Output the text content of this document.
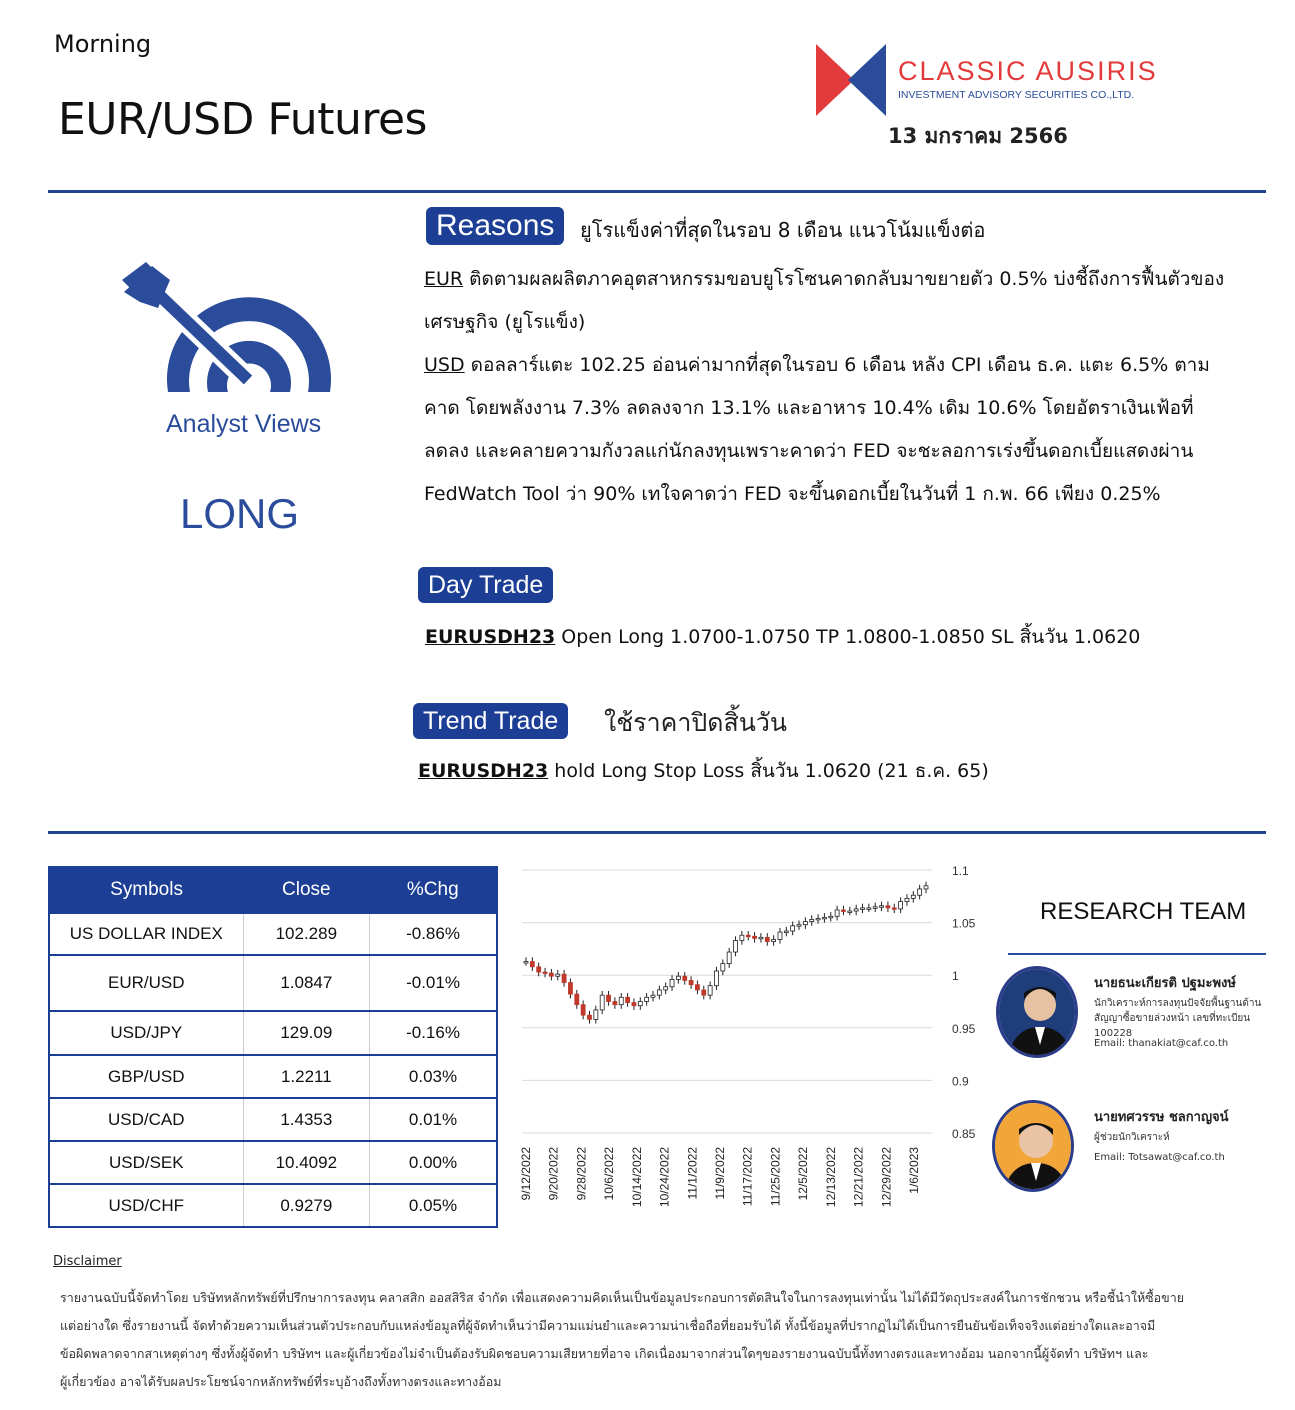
Morning
EUR/USD Futures
CLASSIC AUSIRIS
INVESTMENT ADVISORY SECURITIES CO.,LTD.
13 มกราคม 2566
Analyst Views
LONG
Reasons	ยูโรแข็งค่าที่สุดในรอบ 8 เดือน แนวโน้มแข็งต่อ
EUR ติดตามผลผลิตภาคอุตสาหกรรมขอบยูโรโซนคาดกลับมาขยายตัว 0.5% บ่งชี้ถึงการฟื้นตัวของ
เศรษฐกิจ (ยูโรแข็ง)
USD ดอลลาร์แตะ 102.25 อ่อนค่ามากที่สุดในรอบ 6 เดือน หลัง CPI เดือน ธ.ค. แตะ 6.5% ตาม
คาด โดยพลังงาน 7.3% ลดลงจาก 13.1% และอาหาร 10.4% เดิม 10.6% โดยอัตราเงินเฟ้อที่
ลดลง และคลายความกังวลแก่นักลงทุนเพราะคาดว่า FED จะชะลอการเร่งขึ้นดอกเบี้ยแสดงผ่าน
FedWatch Tool ว่า 90% เทใจคาดว่า FED จะขึ้นดอกเบี้ยในวันที่ 1 ก.พ. 66 เพียง 0.25%
Day Trade
EURUSDH23 Open Long 1.0700-1.0750 TP 1.0800-1.0850 SL สิ้นวัน 1.0620
Trend Trade	ใช้ราคาปิดสิ้นวัน
EURUSDH23 hold Long Stop Loss สิ้นวัน 1.0620 (21 ธ.ค. 65)
Symbols	Close	%Chg
US DOLLAR INDEX	102.289	-0.86%
EUR/USD	1.0847	-0.01%
USD/JPY	129.09	-0.16%
GBP/USD	1.2211	0.03%
USD/CAD	1.4353	0.01%
USD/SEK	10.4092	0.00%
USD/CHF	0.9279	0.05%
1.1
1.05
1
0.95
0.9
0.85
9/12/2022 9/20/2022 9/28/2022 10/6/2022 10/14/2022 10/24/2022 11/1/2022 11/9/2022 11/17/2022 11/25/2022 12/5/2022 12/13/2022 12/21/2022 12/29/2022 1/6/2023
RESEARCH TEAM
นายธนะเกียรติ ปฐมะพงษ์
นักวิเคราะห์การลงทุนปัจจัยพื้นฐานด้านสัญญาซื้อขายล่วงหน้า เลขที่ทะเบียน 100228
Email: thanakiat@caf.co.th
นายทศวรรษ ชลกาญจน์
ผู้ช่วยนักวิเคราะห์
Email: Totsawat@caf.co.th
Disclaimer
รายงานฉบับนี้จัดทำโดย บริษัทหลักทรัพย์ที่ปรึกษาการลงทุน คลาสสิก ออสสิริส จำกัด เพื่อแสดงความคิดเห็นเป็นข้อมูลประกอบการตัดสินใจในการลงทุนเท่านั้น ไม่ได้มีวัตถุประสงค์ในการชักชวน หรือชี้นำให้ซื้อขาย
แต่อย่างใด ซึ่งรายงานนี้ จัดทำด้วยความเห็นส่วนตัวประกอบกับแหล่งข้อมูลที่ผู้จัดทำเห็นว่ามีความแม่นยำและความน่าเชื่อถือที่ยอมรับได้ ทั้งนี้ข้อมูลที่ปรากฏไม่ได้เป็นการยืนยันข้อเท็จจริงแต่อย่างใดและอาจมี
ข้อผิดพลาดจากสาเหตุต่างๆ ซึ่งทั้งผู้จัดทำ บริษัทฯ และผู้เกี่ยวข้องไม่จำเป็นต้องรับผิดชอบความเสียหายที่อาจ เกิดเนื่องมาจากส่วนใดๆของรายงานฉบับนี้ทั้งทางตรงและทางอ้อม นอกจากนี้ผู้จัดทำ บริษัทฯ และ
ผู้เกี่ยวข้อง อาจได้รับผลประโยชน์จากหลักทรัพย์ที่ระบุอ้างถึงทั้งทางตรงและทางอ้อม
